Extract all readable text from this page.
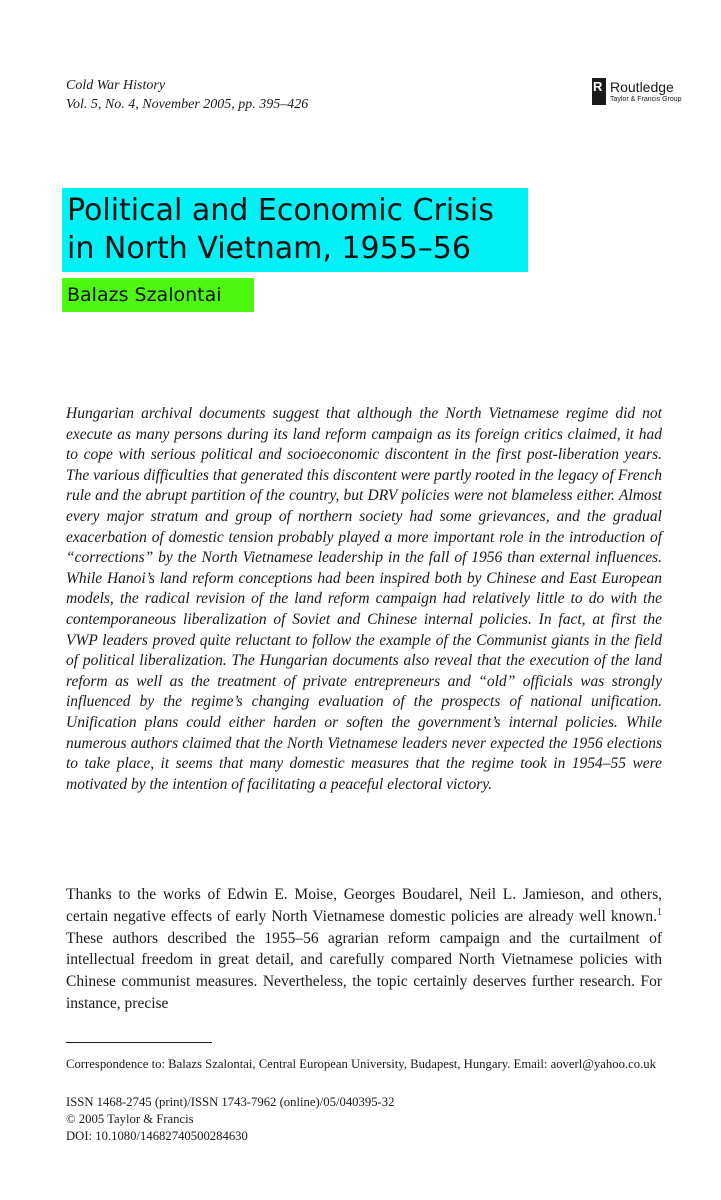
Cold War History
Vol. 5, No. 4, November 2005, pp. 395–426
R Routledge
Taylor & Francis Group
Political and Economic Crisis
in North Vietnam, 1955–56
Balazs Szalontai

Hungarian archival documents suggest that although the North Vietnamese regime did not execute as many persons during its land reform campaign as its foreign critics claimed, it had to cope with serious political and socioeconomic discontent in the first post-liberation years. The various difficulties that generated this discontent were partly rooted in the legacy of French rule and the abrupt partition of the country, but DRV policies were not blameless either. Almost every major stratum and group of northern society had some grievances, and the gradual exacerbation of domestic tension probably played a more important role in the introduction of “corrections” by the North Vietnamese leadership in the fall of 1956 than external influences. While Hanoi’s land reform conceptions had been inspired both by Chinese and East European models, the radical revision of the land reform campaign had relatively little to do with the contemporaneous liberalization of Soviet and Chinese internal policies. In fact, at first the VWP leaders proved quite reluctant to follow the example of the Communist giants in the field of political liberalization. The Hungarian documents also reveal that the execution of the land reform as well as the treatment of private entrepreneurs and “old” officials was strongly influenced by the regime’s changing evaluation of the prospects of national unification. Unification plans could either harden or soften the government’s internal policies. While numerous authors claimed that the North Vietnamese leaders never expected the 1956 elections to take place, it seems that many domestic measures that the regime took in 1954–55 were motivated by the intention of facilitating a peaceful electoral victory.

Thanks to the works of Edwin E. Moise, Georges Boudarel, Neil L. Jamieson, and others, certain negative effects of early North Vietnamese domestic policies are already well known.$^1$ These authors described the 1955–56 agrarian reform campaign and the curtailment of intellectual freedom in great detail, and carefully compared North Vietnamese policies with Chinese communist measures. Nevertheless, the topic certainly deserves further research. For instance, precise

Correspondence to: Balazs Szalontai, Central European University, Budapest, Hungary. Email: aoverl@yahoo.co.uk
ISSN 1468-2745 (print)/ISSN 1743-7962 (online)/05/040395-32
© 2005 Taylor & Francis
DOI: 10.1080/14682740500284630
